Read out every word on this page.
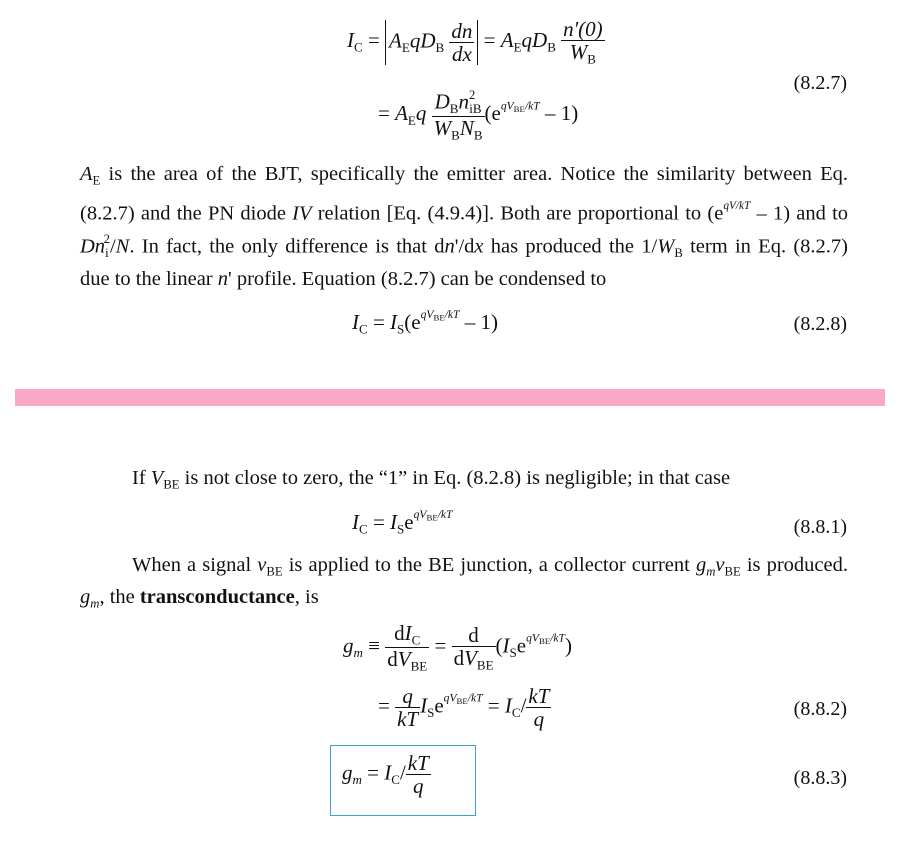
$I_C = A_EqD_B \frac{dn}{dx} = A_EqD_B \frac{n'(0)}{W_B}$
= $A_Eq \frac{D_Bn^2_{iB}}{W_BN_B} (e^{qVBE/kT} - 1)$
(8.2.7)
$A_E$ is the area of the BJT, specifically the emitter area. Notice the similarity between Eq. (8.2.7) and the PN diode IV relation [Eq. (4.9.4)]. Both are proportional to $(e^{qV/kT} - 1)$ and to $Dn_i^2/N$. In fact, the only difference is that dn'/dx has produced the $1/W_B$ term in Eq. (8.2.7) due to the linear n' profile. Equation (8.2.7) can be condensed to
$I_C = I_S(e^{qVBE/kT} - 1)$	(8.2.8)
If $V_{BE}$ is not close to zero, the “1” in Eq. (8.2.8) is negligible; in that case
$I_C = I_Se^{qVBE/kT}$
(8.8.1)
When a signal $v_{BE}$ is applied to the BE junction, a collector current $g_mv_{BE}$ is produced. $g_m$, the transconductance, is
$g_m \equiv \frac{dI_C}{dV_{BE}} = \frac{d}{dV_{BE}} (I_Se^{qVBE/kT})$
= $\frac{q}{kT} I_Se^{qVBE/kT} = I_C/ \frac{kT}{q}$	(8.8.2)
$g_m = I_C/ \frac{kT}{q}$	(8.8.3)
